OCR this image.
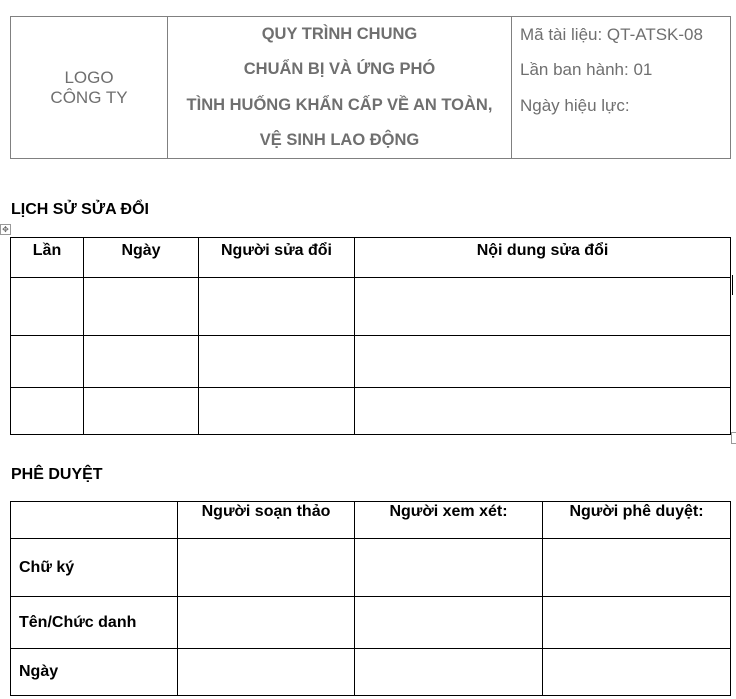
LOGO
CÔNG TY

QUY TRÌNH CHUNG
CHUẨN BỊ VÀ ỨNG PHÓ
TÌNH HUỐNG KHẨN CẤP VỀ AN TOÀN,
VỆ SINH LAO ĐỘNG

Mã tài liệu: QT-ATSK-08
Lần ban hành: 01
Ngày hiệu lực:
LỊCH SỬ SỬA ĐỔI
✥
Lần	Ngày	Người sửa đổi	Nội dung sửa đổi

PHÊ DUYỆT
	Người soạn thảo	Người xem xét:	Người phê duyệt:
Chữ ký			
Tên/Chức danh			
Ngày			
